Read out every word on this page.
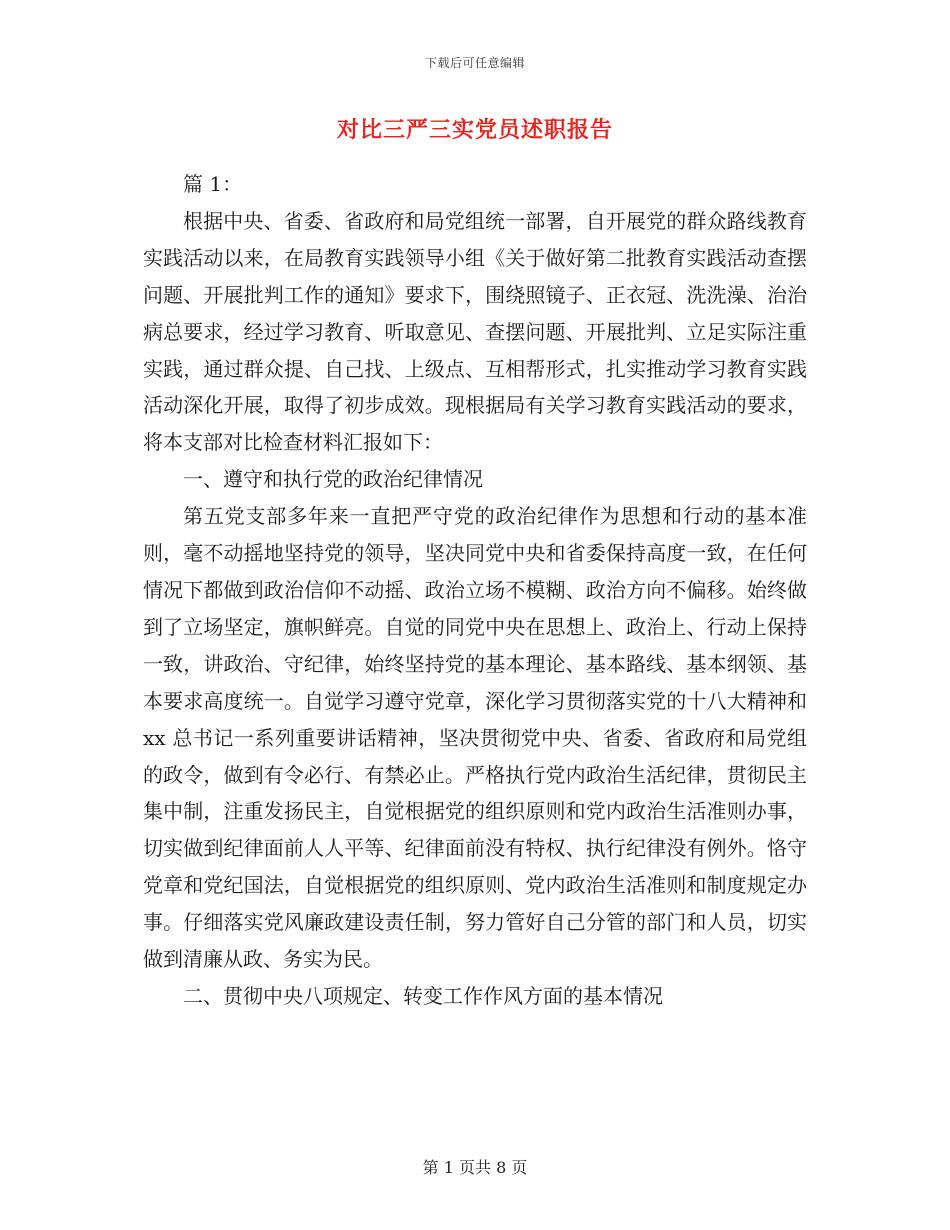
下载后可任意编辑
对比三严三实党员述职报告

篇 1：

根据中央、省委、省政府和局党组统一部署，自开展党的群众路线教育实践活动以来，在局教育实践领导小组《关于做好第二批教育实践活动查摆问题、开展批判工作的通知》要求下，围绕照镜子、正衣冠、洗洗澡、治治病总要求，经过学习教育、听取意见、查摆问题、开展批判、立足实际注重实践，通过群众提、自己找、上级点、互相帮形式，扎实推动学习教育实践活动深化开展，取得了初步成效。现根据局有关学习教育实践活动的要求，将本支部对比检查材料汇报如下：

一、遵守和执行党的政治纪律情况

第五党支部多年来一直把严守党的政治纪律作为思想和行动的基本准则，毫不动摇地坚持党的领导，坚决同党中央和省委保持高度一致，在任何情况下都做到政治信仰不动摇、政治立场不模糊、政治方向不偏移。始终做到了立场坚定，旗帜鲜亮。自觉的同党中央在思想上、政治上、行动上保持一致，讲政治、守纪律，始终坚持党的基本理论、基本路线、基本纲领、基本要求高度统一。自觉学习遵守党章，深化学习贯彻落实党的十八大精神和 xx 总书记一系列重要讲话精神，坚决贯彻党中央、省委、省政府和局党组的政令，做到有令必行、有禁必止。严格执行党内政治生活纪律，贯彻民主集中制，注重发扬民主，自觉根据党的组织原则和党内政治生活准则办事，切实做到纪律面前人人平等、纪律面前没有特权、执行纪律没有例外。恪守党章和党纪国法，自觉根据党的组织原则、党内政治生活准则和制度规定办事。仔细落实党风廉政建设责任制，努力管好自己分管的部门和人员，切实做到清廉从政、务实为民。

二、贯彻中央八项规定、转变工作作风方面的基本情况

第 1 页共 8 页
